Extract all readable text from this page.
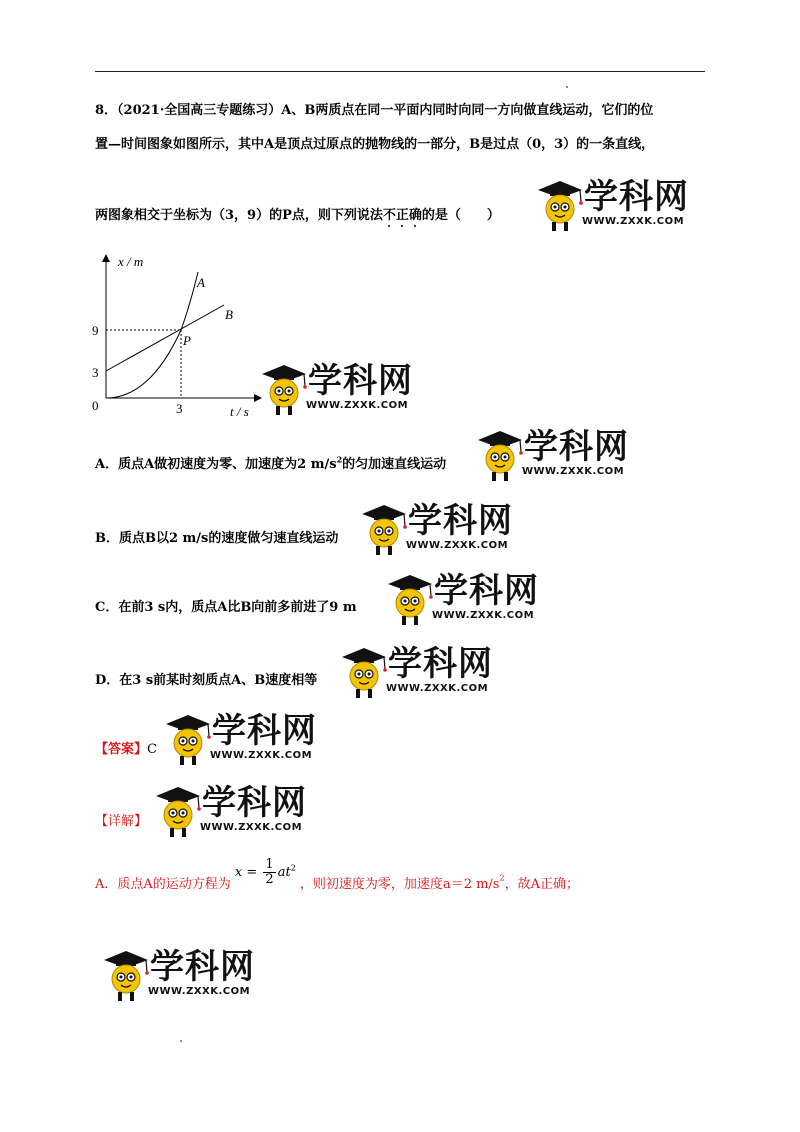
8．（2021·全国高三专题练习）A、B两质点在同一平面内同时向同一方向做直线运动，它们的位
置—时间图象如图所示，其中A是顶点过原点的抛物线的一部分，B是过点（0，3）的一条直线，
两图象相交于坐标为（3，9）的P点，则下列说法不正确的是（　　）
x / m
t / s
A
B
P
9
3
0	3
A．质点A做初速度为零、加速度为2 $m/s^2$的匀加速直线运动
B．质点B以2 m/s的速度做匀速直线运动
C．在前3 s内，质点A比B向前多前进了9 m
D．在3 s前某时刻质点A、B速度相等
【答案】C
【详解】
A．质点A的运动方程为 $x = \frac{1}{2} at^2$ ，则初速度为零，加速度a＝2 $m/s^2$，故A正确；
学科网
WWW.ZXXK.COM
学科网
WWW.ZXXK.COM
学科网
WWW.ZXXK.COM
学科网
WWW.ZXXK.COM
学科网
WWW.ZXXK.COM
学科网
WWW.ZXXK.COM
学科网
WWW.ZXXK.COM
学科网
WWW.ZXXK.COM
学科网
WWW.ZXXK.COM
